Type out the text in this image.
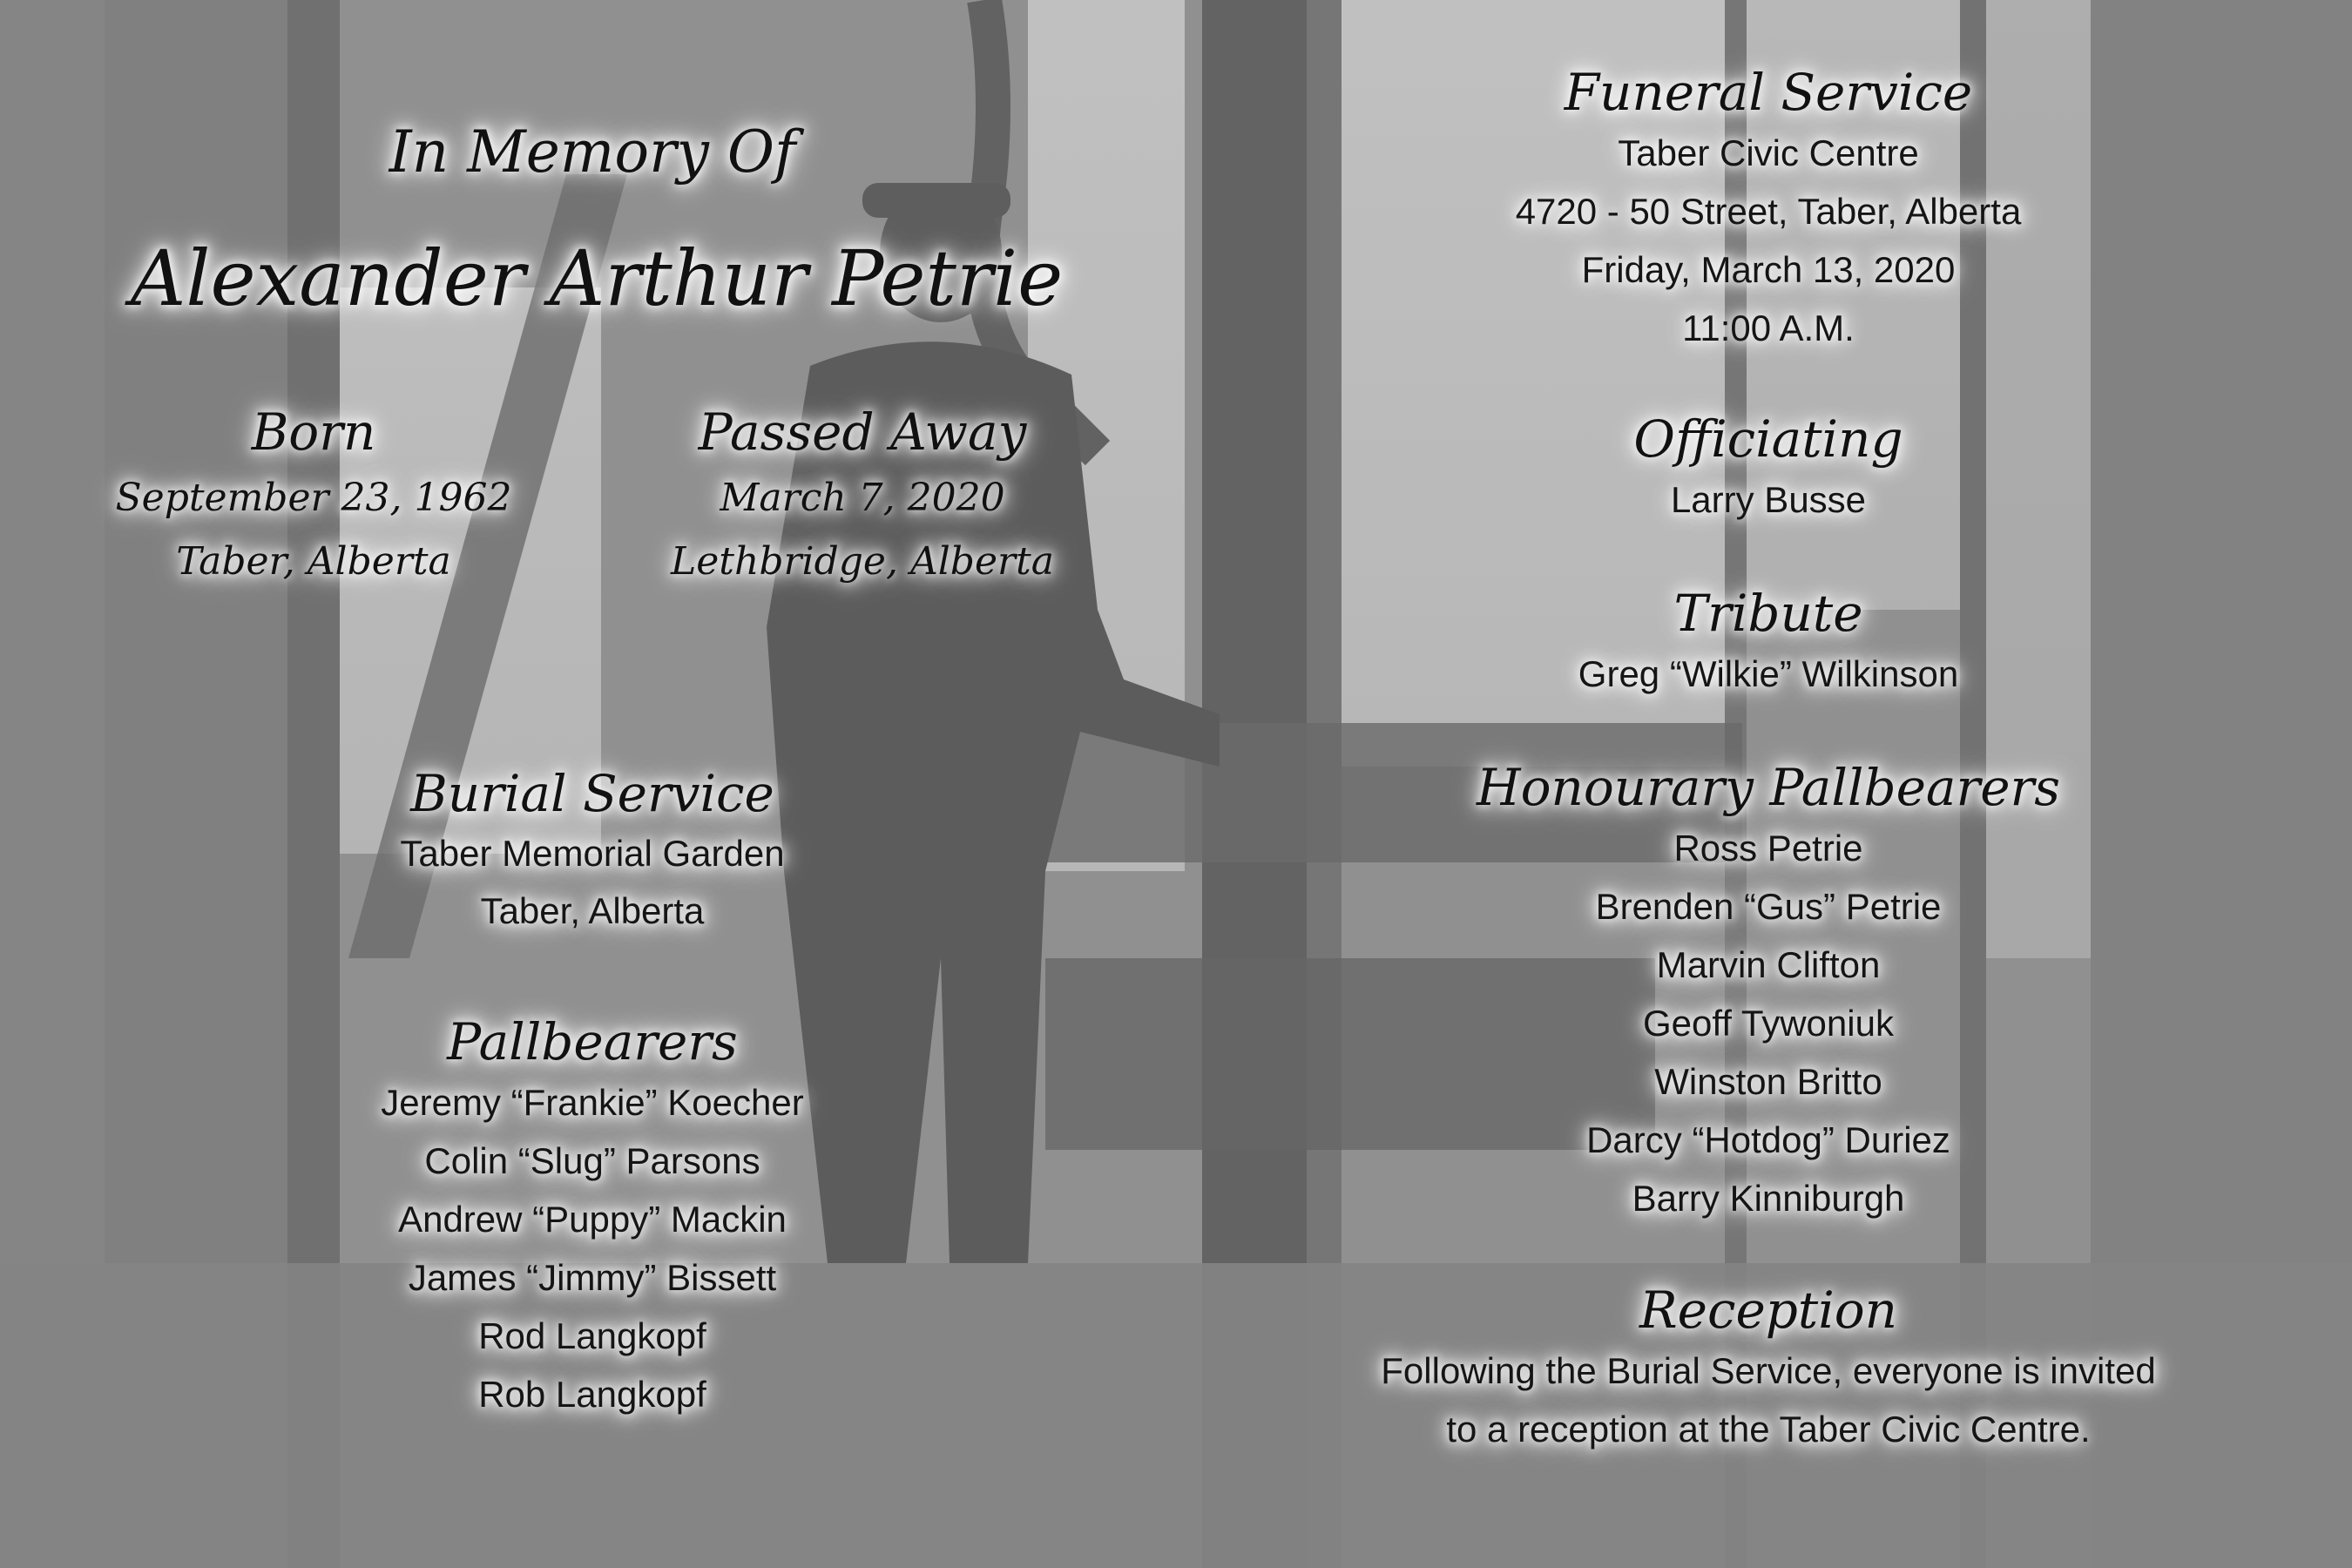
In Memory Of
Alexander Arthur Petrie
Born
September 23, 1962
Taber, Alberta
Passed Away
March 7, 2020
Lethbridge, Alberta
Burial Service
Taber Memorial Garden
Taber, Alberta
Pallbearers
Jeremy “Frankie” Koecher
Colin “Slug” Parsons
Andrew “Puppy” Mackin
James “Jimmy” Bissett
Rod Langkopf
Rob Langkopf
Funeral Service
Taber Civic Centre
4720 - 50 Street, Taber, Alberta
Friday, March 13, 2020
11:00 A.M.
Officiating
Larry Busse
Tribute
Greg “Wilkie” Wilkinson
Honourary Pallbearers
Ross Petrie
Brenden “Gus” Petrie
Marvin Clifton
Geoff Tywoniuk
Winston Britto
Darcy “Hotdog” Duriez
Barry Kinniburgh
Reception
Following the Burial Service, everyone is invited
to a reception at the Taber Civic Centre.
